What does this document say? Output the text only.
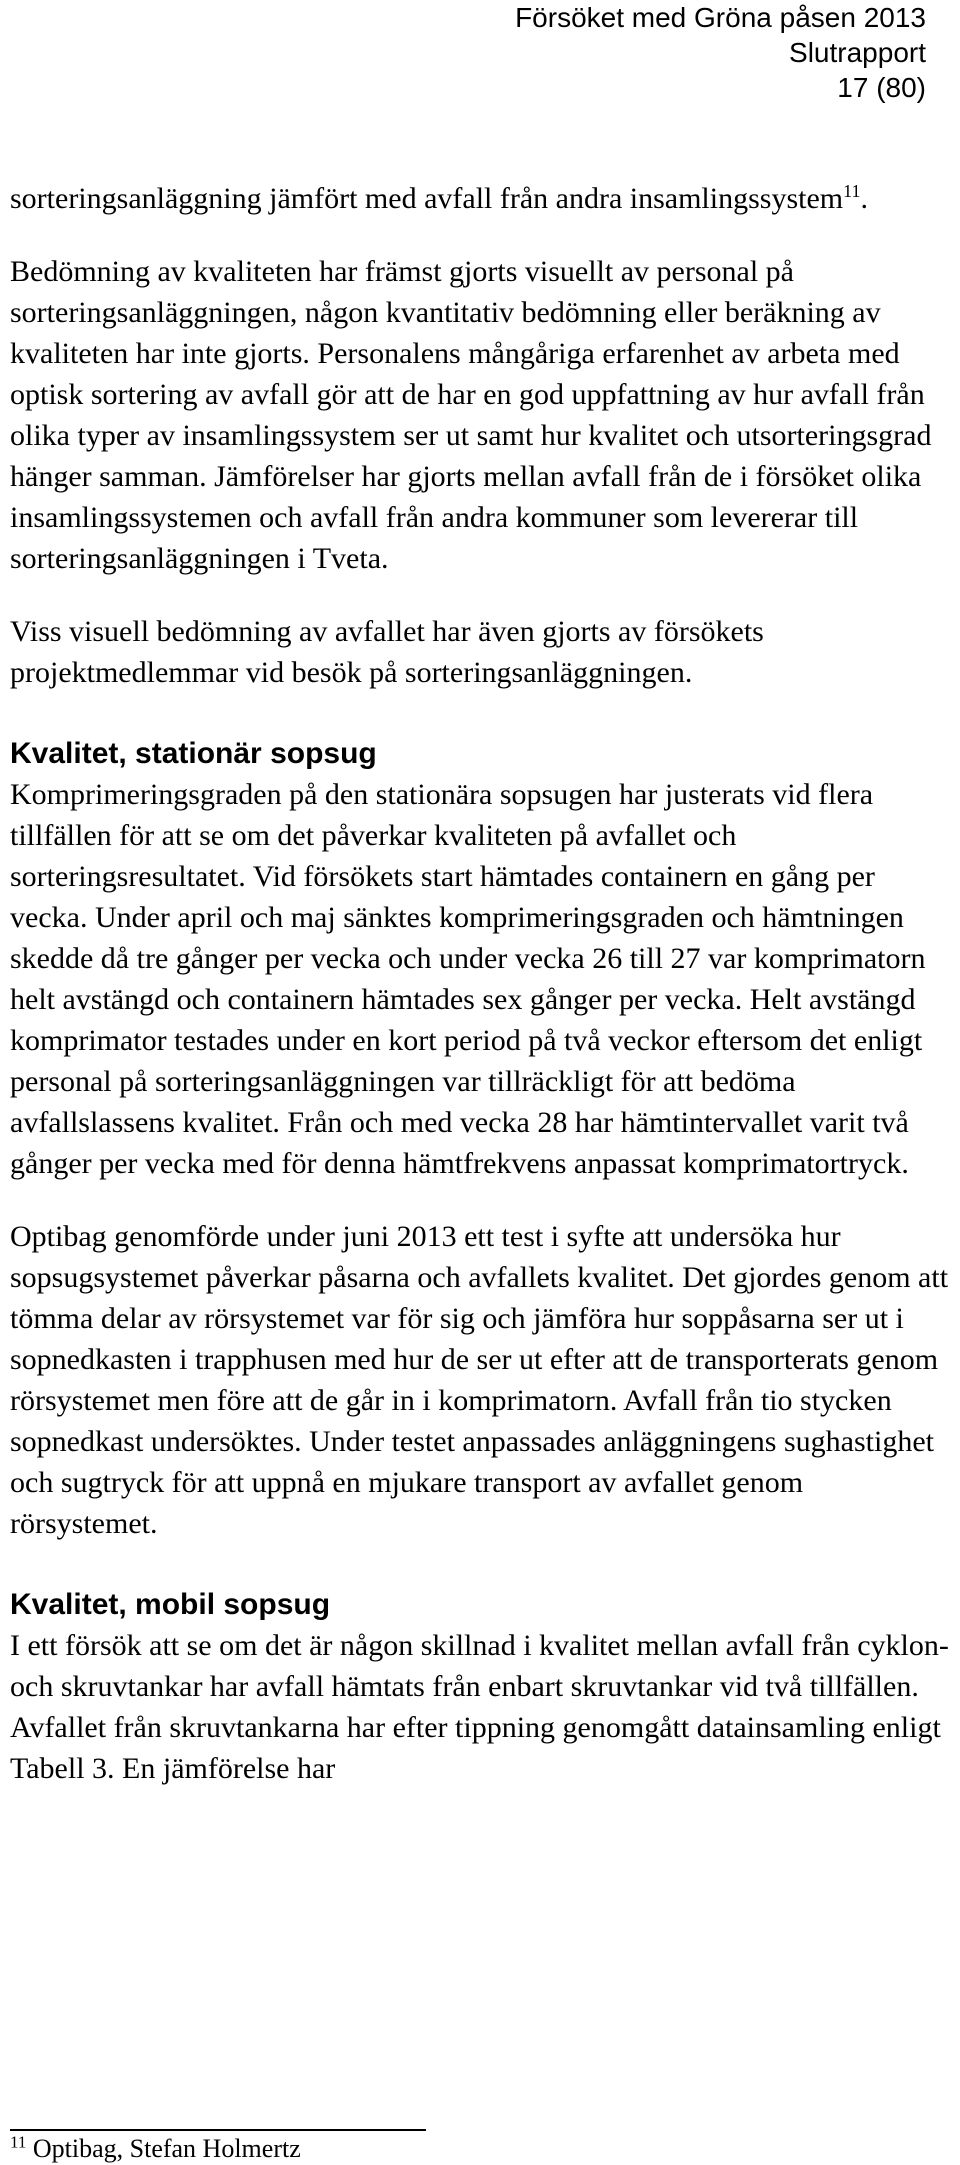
Försöket med Gröna påsen 2013
Slutrapport
17 (80)

sorteringsanläggning jämfört med avfall från andra insamlingssystem$^{11}$.

Bedömning av kvaliteten har främst gjorts visuellt av personal på sorteringsanläggningen, någon kvantitativ bedömning eller beräkning av kvaliteten har inte gjorts. Personalens mångåriga erfarenhet av arbeta med optisk sortering av avfall gör att de har en god uppfattning av hur avfall från olika typer av insamlingssystem ser ut samt hur kvalitet och utsorteringsgrad hänger samman. Jämförelser har gjorts mellan avfall från de i försöket olika insamlingssystemen och avfall från andra kommuner som levererar till sorteringsanläggningen i Tveta.

Viss visuell bedömning av avfallet har även gjorts av försökets projektmedlemmar vid besök på sorteringsanläggningen.

Kvalitet, stationär sopsug

Komprimeringsgraden på den stationära sopsugen har justerats vid flera tillfällen för att se om det påverkar kvaliteten på avfallet och sorteringsresultatet. Vid försökets start hämtades containern en gång per vecka. Under april och maj sänktes komprimeringsgraden och hämtningen skedde då tre gånger per vecka och under vecka 26 till 27 var komprimatorn helt avstängd och containern hämtades sex gånger per vecka. Helt avstängd komprimator testades under en kort period på två veckor eftersom det enligt personal på sorteringsanläggningen var tillräckligt för att bedöma avfallslassens kvalitet. Från och med vecka 28 har hämtintervallet varit två gånger per vecka med för denna hämtfrekvens anpassat komprimatortryck.

Optibag genomförde under juni 2013 ett test i syfte att undersöka hur sopsugsystemet påverkar påsarna och avfallets kvalitet. Det gjordes genom att tömma delar av rörsystemet var för sig och jämföra hur soppåsarna ser ut i sopnedkasten i trapphusen med hur de ser ut efter att de transporterats genom rörsystemet men före att de går in i komprimatorn. Avfall från tio stycken sopnedkast undersöktes. Under testet anpassades anläggningens sughastighet och sugtryck för att uppnå en mjukare transport av avfallet genom rörsystemet.

Kvalitet, mobil sopsug

I ett försök att se om det är någon skillnad i kvalitet mellan avfall från cyklon- och skruvtankar har avfall hämtats från enbart skruvtankar vid två tillfällen. Avfallet från skruvtankarna har efter tippning genomgått datainsamling enligt Tabell 3. En jämförelse har

$^{11}$ Optibag, Stefan Holmertz
